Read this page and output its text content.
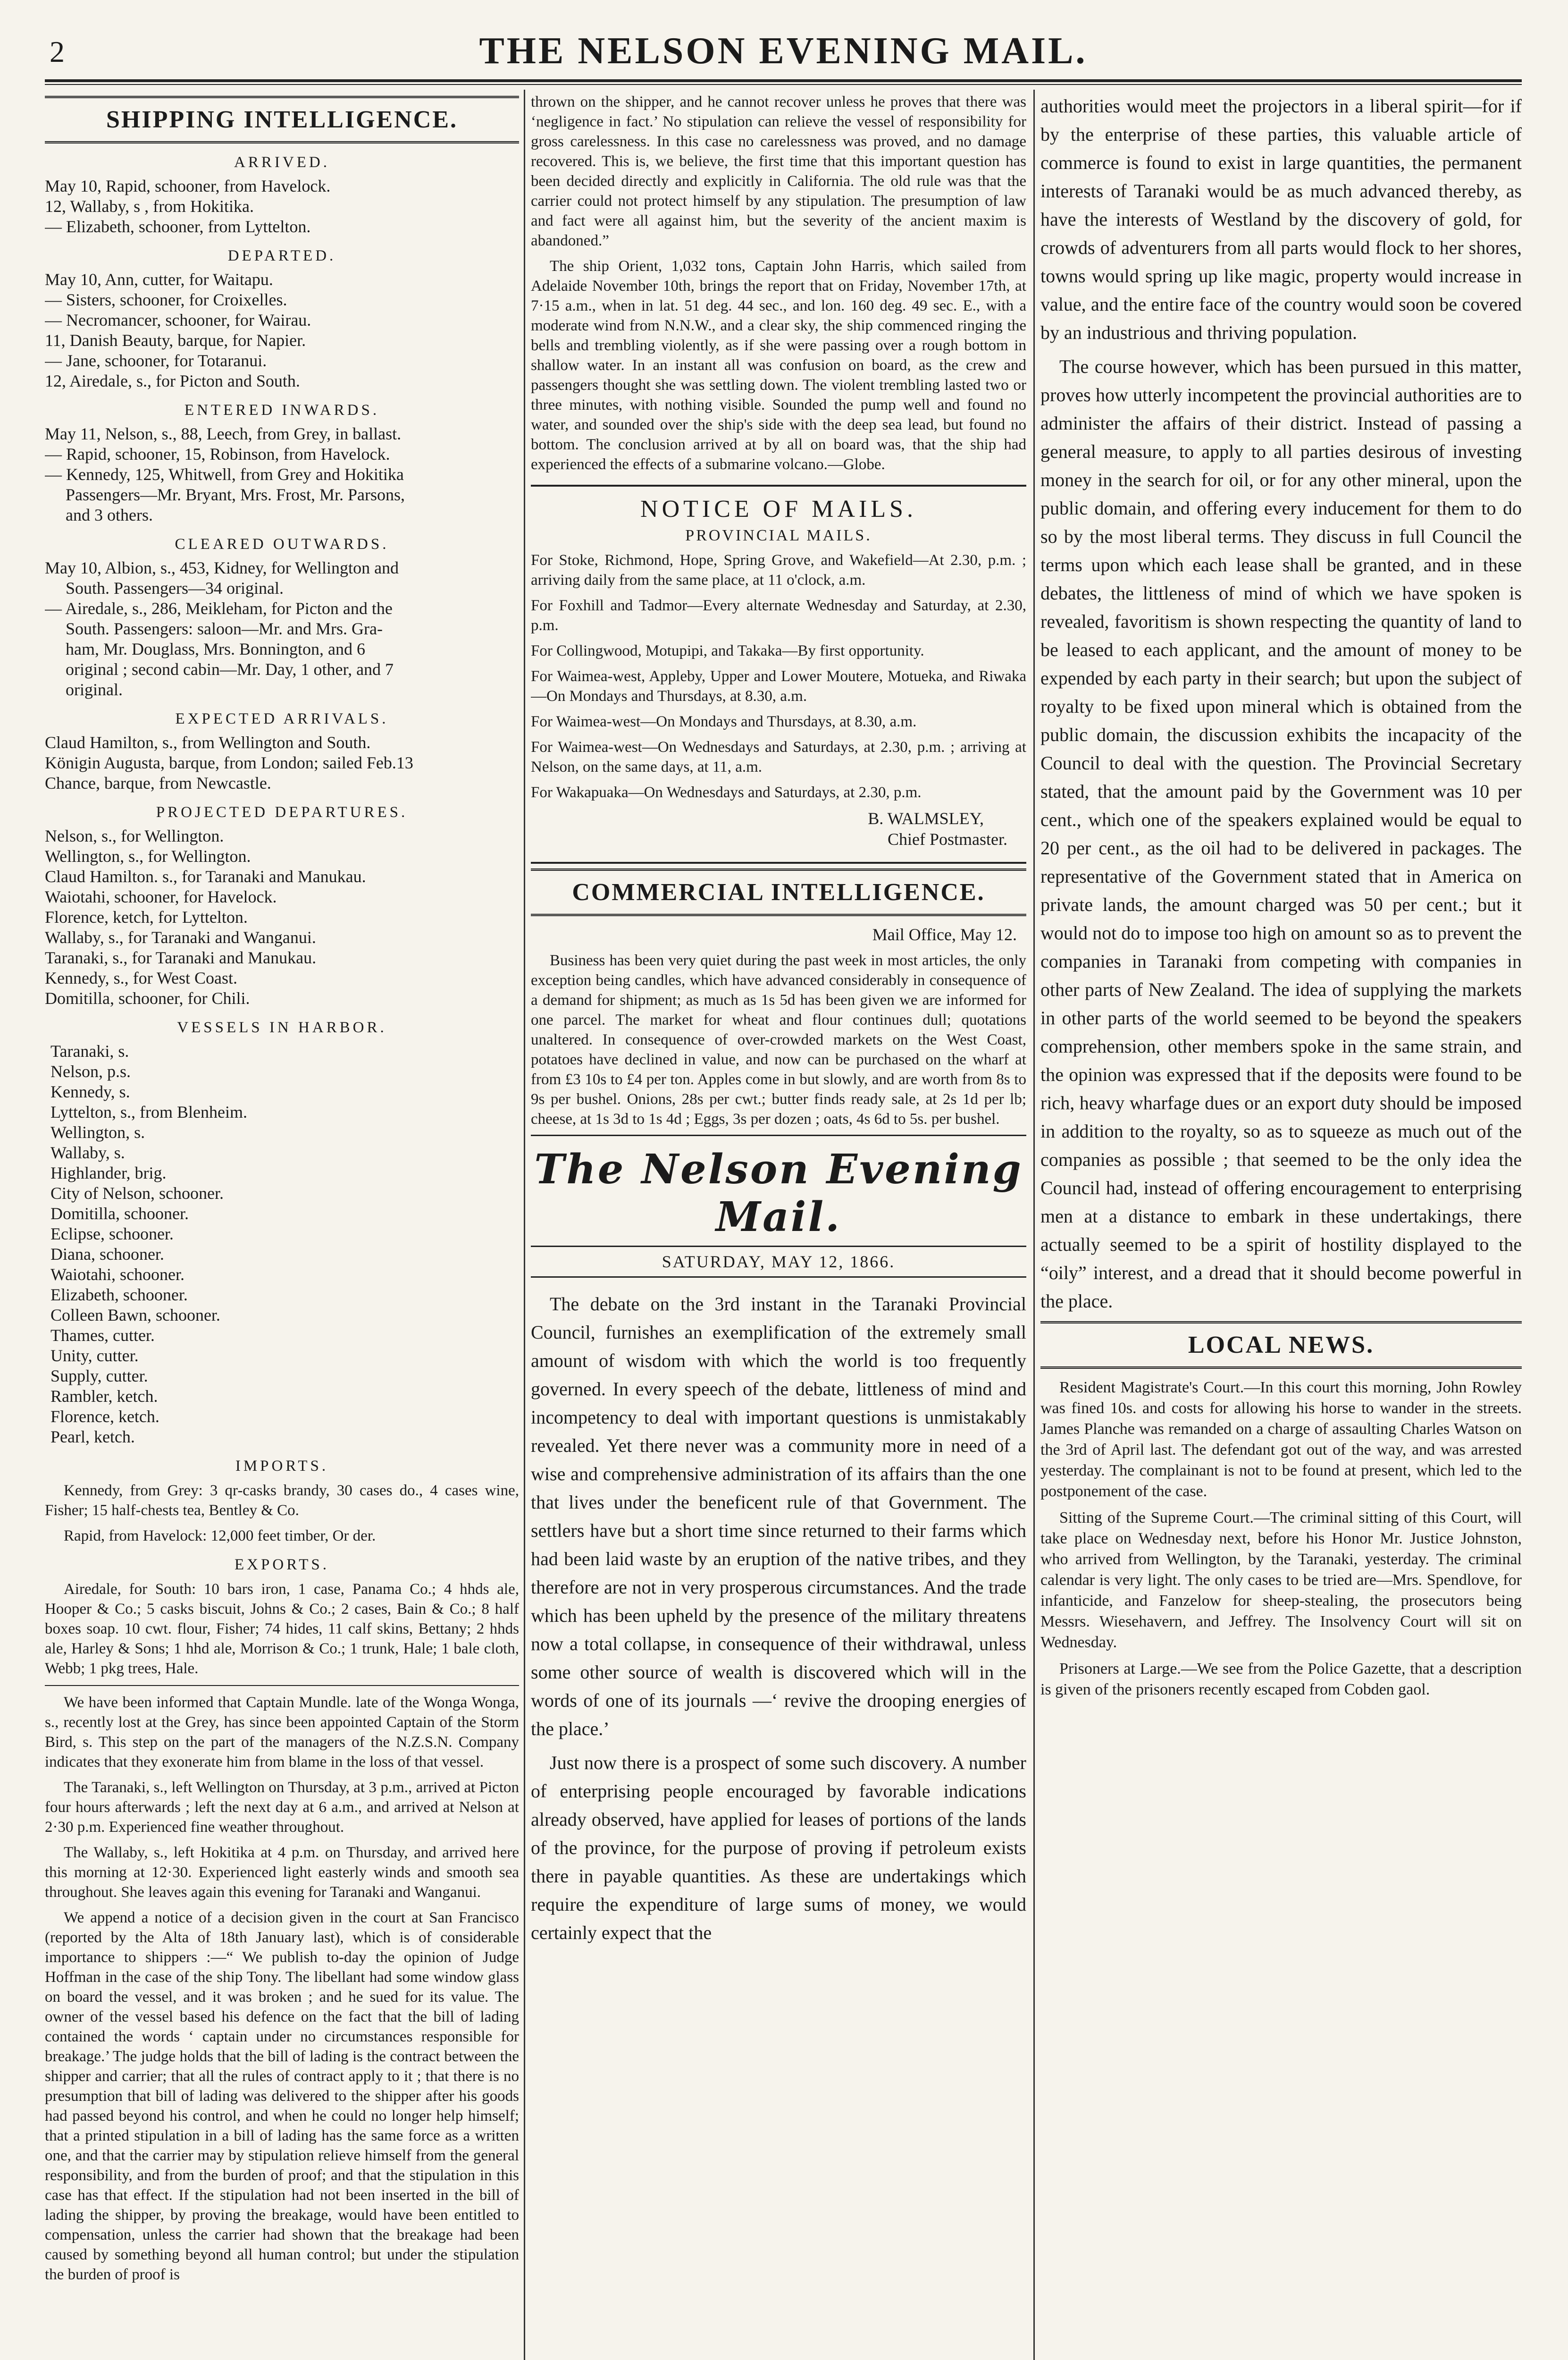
2	THE NELSON EVENING MAIL.
SHIPPING INTELLIGENCE.
ARRIVED.
May 10, Rapid, schooner, from Havelock.
12, Wallaby, s , from Hokitika.
— Elizabeth, schooner, from Lyttelton.
DEPARTED.
May 10, Ann, cutter, for Waitapu.
— Sisters, schooner, for Croixelles.
— Necromancer, schooner, for Wairau.
11, Danish Beauty, barque, for Napier.
— Jane, schooner, for Totaranui.
12, Airedale, s., for Picton and South.
ENTERED INWARDS.
May 11, Nelson, s., 88, Leech, from Grey, in ballast.
— Rapid, schooner, 15, Robinson, from Havelock.
— Kennedy, 125, Whitwell, from Grey and Hokitika
Passengers—Mr. Bryant, Mrs. Frost, Mr. Parsons,
and 3 others.
CLEARED OUTWARDS.
May 10, Albion, s., 453, Kidney, for Wellington and
South. Passengers—34 original.
— Airedale, s., 286, Meikleham, for Picton and the
South. Passengers: saloon—Mr. and Mrs. Gra-
ham, Mr. Douglass, Mrs. Bonnington, and 6
original ; second cabin—Mr. Day, 1 other, and 7
original.
EXPECTED ARRIVALS.
Claud Hamilton, s., from Wellington and South.
Königin Augusta, barque, from London; sailed Feb.13
Chance, barque, from Newcastle.
PROJECTED DEPARTURES.
Nelson, s., for Wellington.
Wellington, s., for Wellington.
Claud Hamilton. s., for Taranaki and Manukau.
Waiotahi, schooner, for Havelock.
Florence, ketch, for Lyttelton.
Wallaby, s., for Taranaki and Wanganui.
Taranaki, s., for Taranaki and Manukau.
Kennedy, s., for West Coast.
Domitilla, schooner, for Chili.
VESSELS IN HARBOR.
Taranaki, s.
Nelson, p.s.
Kennedy, s.
Lyttelton, s., from Blenheim.
Wellington, s.
Wallaby, s.
Highlander, brig.
City of Nelson, schooner.
Domitilla, schooner.
Eclipse, schooner.
Diana, schooner.
Waiotahi, schooner.
Elizabeth, schooner.
Colleen Bawn, schooner.
Thames, cutter.
Unity, cutter.
Supply, cutter.
Rambler, ketch.
Florence, ketch.
Pearl, ketch.
IMPORTS.

Kennedy, from Grey: 3 qr-casks brandy, 30 cases do., 4 cases wine, Fisher; 15 half-chests tea, Bentley & Co.

Rapid, from Havelock: 12,000 feet timber, Or der.

EXPORTS.

Airedale, for South: 10 bars iron, 1 case, Panama Co.; 4 hhds ale, Hooper & Co.; 5 casks biscuit, Johns & Co.; 2 cases, Bain & Co.; 8 half boxes soap. 10 cwt. flour, Fisher; 74 hides, 11 calf skins, Bettany; 2 hhds ale, Harley & Sons; 1 hhd ale, Morrison & Co.; 1 trunk, Hale; 1 bale cloth, Webb; 1 pkg trees, Hale.

We have been informed that Captain Mundle. late of the Wonga Wonga, s., recently lost at the Grey, has since been appointed Captain of the Storm Bird, s. This step on the part of the managers of the N.Z.S.N. Company indicates that they exonerate him from blame in the loss of that vessel.

The Taranaki, s., left Wellington on Thursday, at 3 p.m., arrived at Picton four hours afterwards ; left the next day at 6 a.m., and arrived at Nelson at 2·30 p.m. Experienced fine weather throughout.

The Wallaby, s., left Hokitika at 4 p.m. on Thursday, and arrived here this morning at 12·30. Experienced light easterly winds and smooth sea throughout. She leaves again this evening for Taranaki and Wanganui.

We append a notice of a decision given in the court at San Francisco (reported by the Alta of 18th January last), which is of considerable importance to shippers :—“ We publish to-day the opinion of Judge Hoffman in the case of the ship Tony. The libellant had some window glass on board the vessel, and it was broken ; and he sued for its value. The owner of the vessel based his defence on the fact that the bill of lading contained the words ‘ captain under no circumstances responsible for breakage.’ The judge holds that the bill of lading is the contract between the shipper and carrier; that all the rules of contract apply to it ; that there is no presumption that bill of lading was delivered to the shipper after his goods had passed beyond his control, and when he could no longer help himself; that a printed stipulation in a bill of lading has the same force as a written one, and that the carrier may by stipulation relieve himself from the general responsibility, and from the burden of proof; and that the stipulation in this case has that effect. If the stipulation had not been inserted in the bill of lading the shipper, by proving the breakage, would have been entitled to compensation, unless the carrier had shown that the breakage had been caused by something beyond all human control; but under the stipulation the burden of proof is

thrown on the shipper, and he cannot recover unless he proves that there was ‘negligence in fact.’ No stipulation can relieve the vessel of responsibility for gross carelessness. In this case no carelessness was proved, and no damage recovered. This is, we believe, the first time that this important question has been decided directly and explicitly in California. The old rule was that the carrier could not protect himself by any stipulation. The presumption of law and fact were all against him, but the severity of the ancient maxim is abandoned.”

The ship Orient, 1,032 tons, Captain John Harris, which sailed from Adelaide November 10th, brings the report that on Friday, November 17th, at 7·15 a.m., when in lat. 51 deg. 44 sec., and lon. 160 deg. 49 sec. E., with a moderate wind from N.N.W., and a clear sky, the ship commenced ringing the bells and trembling violently, as if she were passing over a rough bottom in shallow water. In an instant all was confusion on board, as the crew and passengers thought she was settling down. The violent trembling lasted two or three minutes, with nothing visible. Sounded the pump well and found no water, and sounded over the ship's side with the deep sea lead, but found no bottom. The conclusion arrived at by all on board was, that the ship had experienced the effects of a submarine volcano.—Globe.

NOTICE OF MAILS.
PROVINCIAL MAILS.

For Stoke, Richmond, Hope, Spring Grove, and Wakefield—At 2.30, p.m. ; arriving daily from the same place, at 11 o'clock, a.m.

For Foxhill and Tadmor—Every alternate Wednesday and Saturday, at 2.30, p.m.

For Collingwood, Motupipi, and Takaka—By first opportunity.

For Waimea-west, Appleby, Upper and Lower Moutere, Motueka, and Riwaka—On Mondays and Thursdays, at 8.30, a.m.

For Waimea-west—On Mondays and Thursdays, at 8.30, a.m.

For Waimea-west—On Wednesdays and Saturdays, at 2.30, p.m. ; arriving at Nelson, on the same days, at 11, a.m.

For Wakapuaka—On Wednesdays and Saturdays, at 2.30, p.m.

B. WALMSLEY,
Chief Postmaster.
COMMERCIAL INTELLIGENCE.
Mail Office, May 12.

Business has been very quiet during the past week in most articles, the only exception being candles, which have advanced considerably in consequence of a demand for shipment; as much as 1s 5d has been given we are informed for one parcel. The market for wheat and flour continues dull; quotations unaltered. In consequence of over-crowded markets on the West Coast, potatoes have declined in value, and now can be purchased on the wharf at from £3 10s to £4 per ton. Apples come in but slowly, and are worth from 8s to 9s per bushel. Onions, 28s per cwt.; butter finds ready sale, at 2s 1d per lb; cheese, at 1s 3d to 1s 4d ; Eggs, 3s per dozen ; oats, 4s 6d to 5s. per bushel.

The Nelson Evening Mail.
SATURDAY, MAY 12, 1866.

The debate on the 3rd instant in the Taranaki Provincial Council, furnishes an exemplification of the extremely small amount of wisdom with which the world is too frequently governed. In every speech of the debate, littleness of mind and incompetency to deal with important questions is unmistakably revealed. Yet there never was a community more in need of a wise and comprehensive administration of its affairs than the one that lives under the beneficent rule of that Government. The settlers have but a short time since returned to their farms which had been laid waste by an eruption of the native tribes, and they therefore are not in very prosperous circumstances. And the trade which has been upheld by the presence of the military threatens now a total collapse, in consequence of their withdrawal, unless some other source of wealth is discovered which will in the words of one of its journals —‘ revive the drooping energies of the place.’

Just now there is a prospect of some such discovery. A number of enterprising people encouraged by favorable indications already observed, have applied for leases of portions of the lands of the province, for the purpose of proving if petroleum exists there in payable quantities. As these are undertakings which require the expenditure of large sums of money, we would certainly expect that the

authorities would meet the projectors in a liberal spirit—for if by the enterprise of these parties, this valuable article of commerce is found to exist in large quantities, the permanent interests of Taranaki would be as much advanced thereby, as have the interests of Westland by the discovery of gold, for crowds of adventurers from all parts would flock to her shores, towns would spring up like magic, property would increase in value, and the entire face of the country would soon be covered by an industrious and thriving population.

The course however, which has been pursued in this matter, proves how utterly incompetent the provincial authorities are to administer the affairs of their district. Instead of passing a general measure, to apply to all parties desirous of investing money in the search for oil, or for any other mineral, upon the public domain, and offering every inducement for them to do so by the most liberal terms. They discuss in full Council the terms upon which each lease shall be granted, and in these debates, the littleness of mind of which we have spoken is revealed, favoritism is shown respecting the quantity of land to be leased to each applicant, and the amount of money to be expended by each party in their search; but upon the subject of royalty to be fixed upon mineral which is obtained from the public domain, the discussion exhibits the incapacity of the Council to deal with the question. The Provincial Secretary stated, that the amount paid by the Government was 10 per cent., which one of the speakers explained would be equal to 20 per cent., as the oil had to be delivered in packages. The representative of the Government stated that in America on private lands, the amount charged was 50 per cent.; but it would not do to impose too high on amount so as to prevent the companies in Taranaki from competing with companies in other parts of New Zealand. The idea of supplying the markets in other parts of the world seemed to be beyond the speakers comprehension, other members spoke in the same strain, and the opinion was expressed that if the deposits were found to be rich, heavy wharfage dues or an export duty should be imposed in addition to the royalty, so as to squeeze as much out of the companies as possible ; that seemed to be the only idea the Council had, instead of offering encouragement to enterprising men at a distance to embark in these undertakings, there actually seemed to be a spirit of hostility displayed to the “oily” interest, and a dread that it should become powerful in the place.

LOCAL NEWS.

Resident Magistrate's Court.—In this court this morning, John Rowley was fined 10s. and costs for allowing his horse to wander in the streets. James Planche was remanded on a charge of assaulting Charles Watson on the 3rd of April last. The defendant got out of the way, and was arrested yesterday. The complainant is not to be found at present, which led to the postponement of the case.

Sitting of the Supreme Court.—The criminal sitting of this Court, will take place on Wednesday next, before his Honor Mr. Justice Johnston, who arrived from Wellington, by the Taranaki, yesterday. The criminal calendar is very light. The only cases to be tried are—Mrs. Spendlove, for infanticide, and Fanzelow for sheep-stealing, the prosecutors being Messrs. Wiesehavern, and Jeffrey. The Insolvency Court will sit on Wednesday.

Prisoners at Large.—We see from the Police Gazette, that a description is given of the prisoners recently escaped from Cobden gaol.
